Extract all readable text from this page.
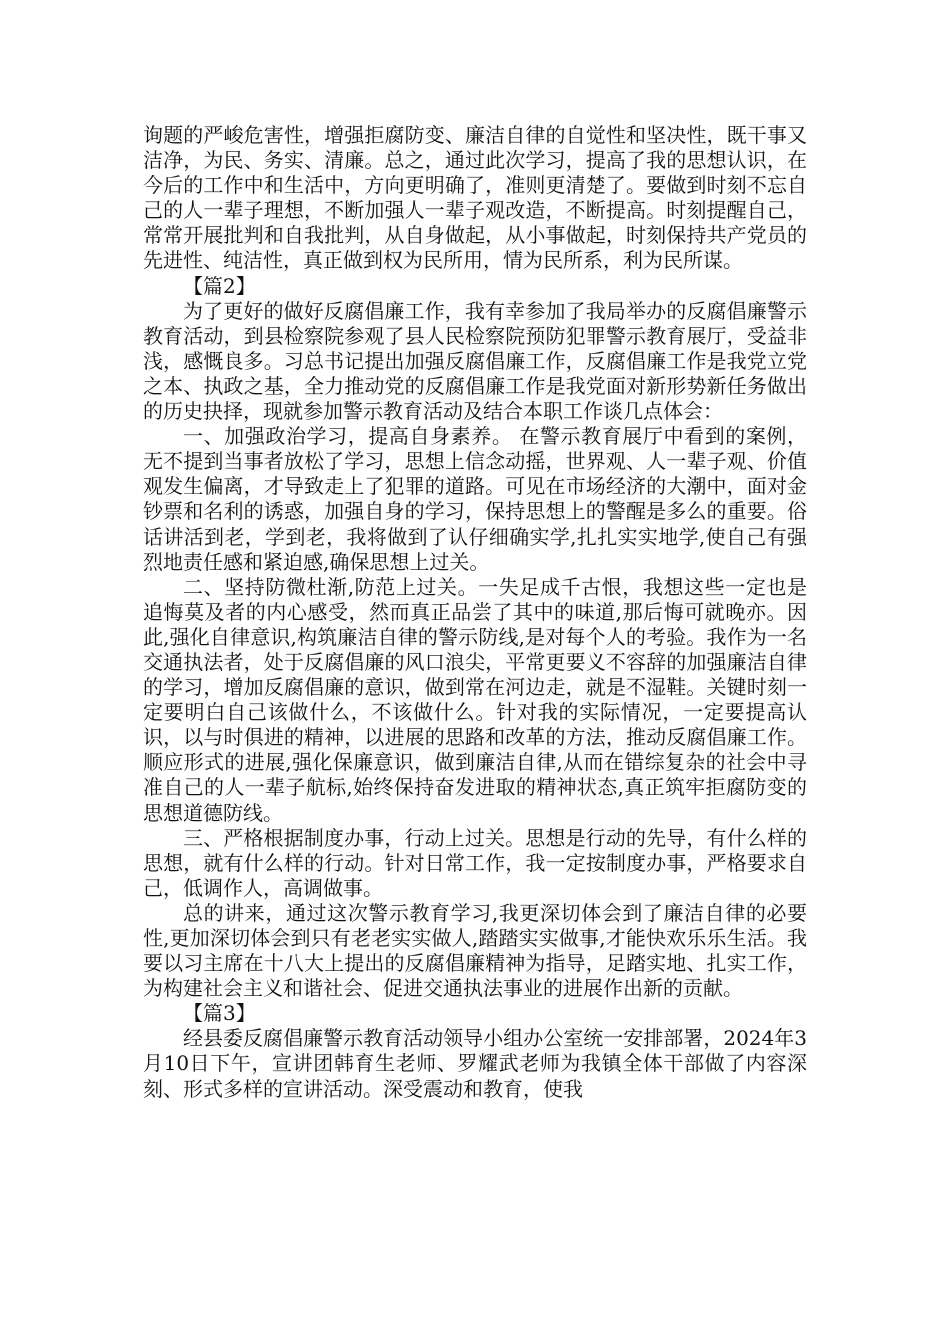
询题的严峻危害性，增强拒腐防变、廉洁自律的自觉性和坚决性，既干事又洁净，为民、务实、清廉。总之，通过此次学习，提高了我的思想认识，在今后的工作中和生活中，方向更明确了，准则更清楚了。要做到时刻不忘自己的人一辈子理想，不断加强人一辈子观改造，不断提高。时刻提醒自己，常常开展批判和自我批判，从自身做起，从小事做起，时刻保持共产党员的先进性、纯洁性，真正做到权为民所用，情为民所系，利为民所谋。

【篇2】

为了更好的做好反腐倡廉工作，我有幸参加了我局举办的反腐倡廉警示教育活动，到县检察院参观了县人民检察院预防犯罪警示教育展厅，受益非浅，感慨良多。习总书记提出加强反腐倡廉工作，反腐倡廉工作是我党立党之本、执政之基，全力推动党的反腐倡廉工作是我党面对新形势新任务做出的历史抉择，现就参加警示教育活动及结合本职工作谈几点体会：

一、加强政治学习，提高自身素养。 在警示教育展厅中看到的案例，无不提到当事者放松了学习，思想上信念动摇，世界观、人一辈子观、价值观发生偏离，才导致走上了犯罪的道路。可见在市场经济的大潮中，面对金钞票和名利的诱惑，加强自身的学习，保持思想上的警醒是多么的重要。俗话讲活到老，学到老，我将做到了认仔细确实学,扎扎实实地学,使自己有强烈地责任感和紧迫感,确保思想上过关。

二、坚持防微杜渐,防范上过关。一失足成千古恨，我想这些一定也是追悔莫及者的内心感受，然而真正品尝了其中的味道,那后悔可就晚亦。因此,强化自律意识,构筑廉洁自律的警示防线,是对每个人的考验。我作为一名交通执法者，处于反腐倡廉的风口浪尖，平常更要义不容辞的加强廉洁自律的学习，增加反腐倡廉的意识，做到常在河边走，就是不湿鞋。关键时刻一定要明白自己该做什么，不该做什么。针对我的实际情况，一定要提高认识，以与时俱进的精神，以进展的思路和改革的方法，推动反腐倡廉工作。顺应形式的进展,强化保廉意识，做到廉洁自律,从而在错综复杂的社会中寻准自己的人一辈子航标,始终保持奋发进取的精神状态,真正筑牢拒腐防变的思想道德防线。

三、严格根据制度办事，行动上过关。思想是行动的先导，有什么样的思想，就有什么样的行动。针对日常工作，我一定按制度办事，严格要求自己，低调作人，高调做事。

总的讲来，通过这次警示教育学习,我更深切体会到了廉洁自律的必要性,更加深切体会到只有老老实实做人,踏踏实实做事,才能快欢乐乐生活。我要以习主席在十八大上提出的反腐倡廉精神为指导，足踏实地、扎实工作，为构建社会主义和谐社会、促进交通执法事业的进展作出新的贡献。

【篇3】

经县委反腐倡廉警示教育活动领导小组办公室统一安排部署，2024年3月10日下午，宣讲团韩育生老师、罗耀武老师为我镇全体干部做了内容深刻、形式多样的宣讲活动。深受震动和教育，使我
